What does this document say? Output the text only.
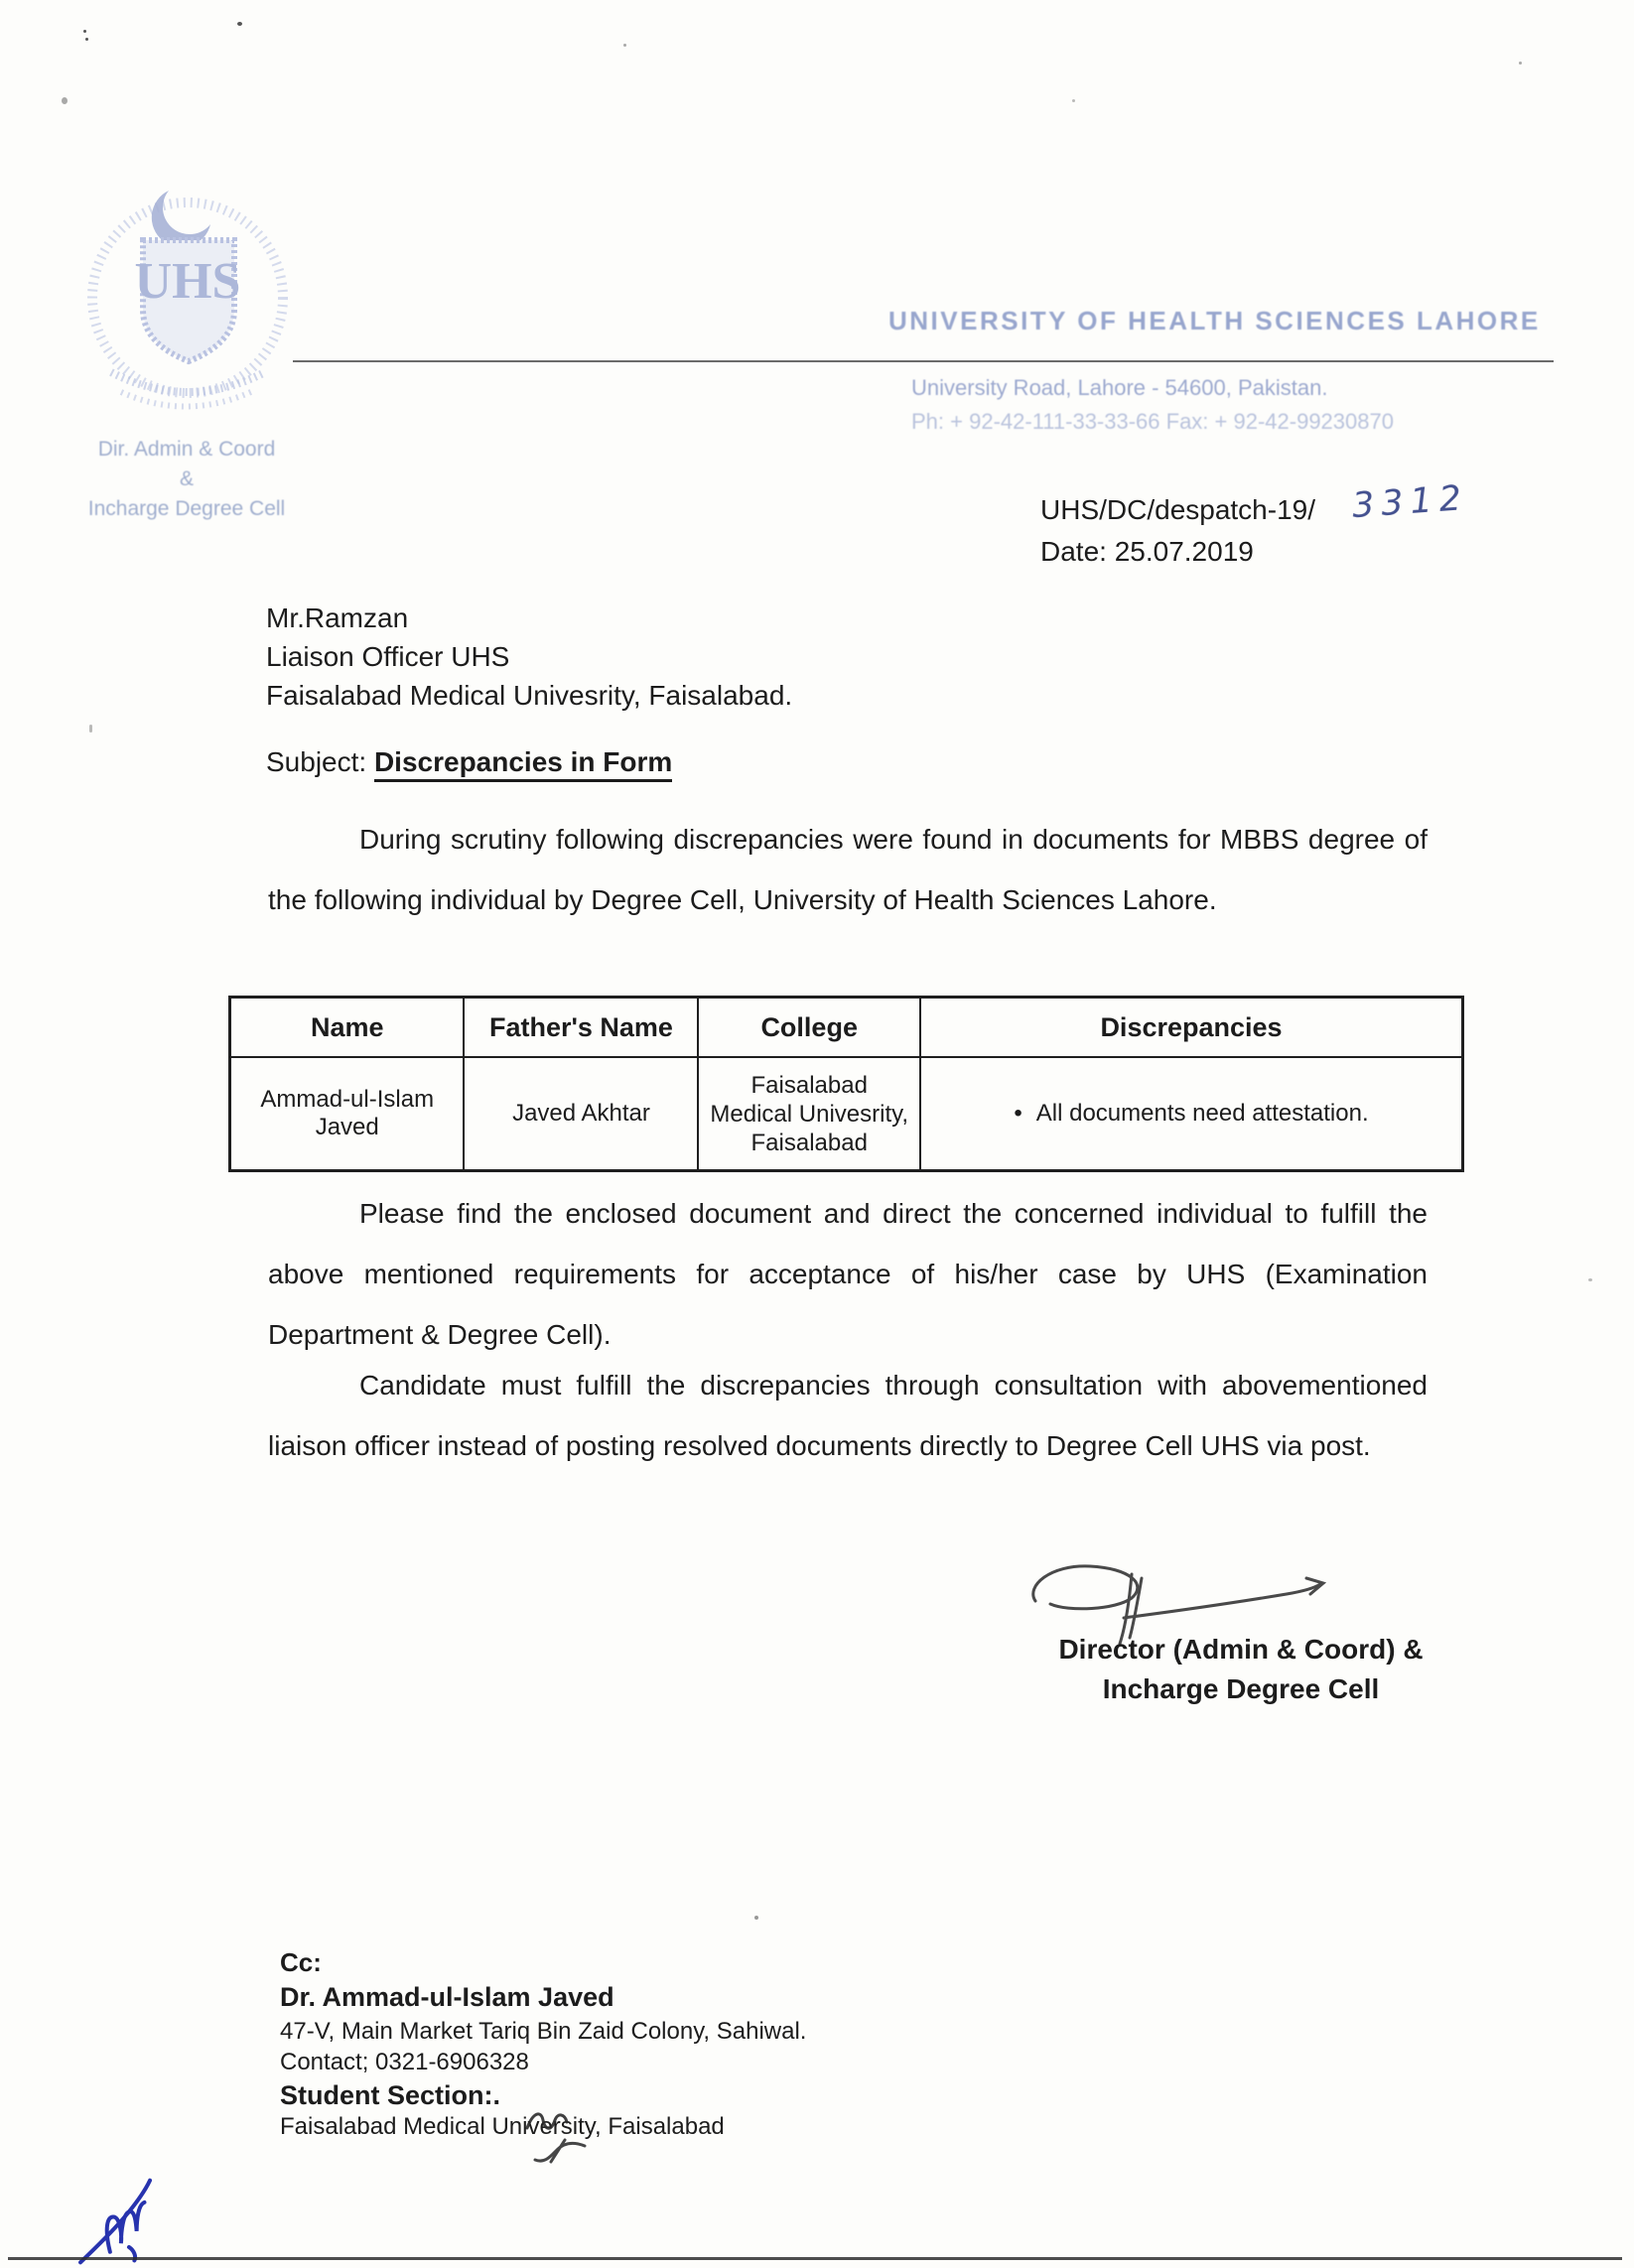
UHS
Dir. Admin & Coord
&
Incharge Degree Cell
UNIVERSITY OF HEALTH SCIENCES LAHORE
University Road, Lahore - 54600, Pakistan.
Ph: + 92-42-111-33-33-66 Fax: + 92-42-99230870
UHS/DC/despatch-19/ 3312
Date: 25.07.2019
Mr.Ramzan
Liaison Officer UHS
Faisalabad Medical Univesrity, Faisalabad.
Subject: Discrepancies in Form
During scrutiny following discrepancies were found in documents for MBBS degree of the following individual by Degree Cell, University of Health Sciences Lahore.
Name	Father's Name	College	Discrepancies
Ammad-ul-Islam Javed	Javed Akhtar	Faisalabad Medical Univesrity, Faisalabad	• All documents need attestation.
Please find the enclosed document and direct the concerned individual to fulfill the above mentioned requirements for acceptance of his/her case by UHS (Examination Department & Degree Cell).
Candidate must fulfill the discrepancies through consultation with abovementioned liaison officer instead of posting resolved documents directly to Degree Cell UHS via post.
Director (Admin & Coord) &
Incharge Degree Cell
Cc:
Dr. Ammad-ul-Islam Javed
47-V, Main Market Tariq Bin Zaid Colony, Sahiwal.
Contact; 0321-6906328
Student Section:.
Faisalabad Medical University, Faisalabad
